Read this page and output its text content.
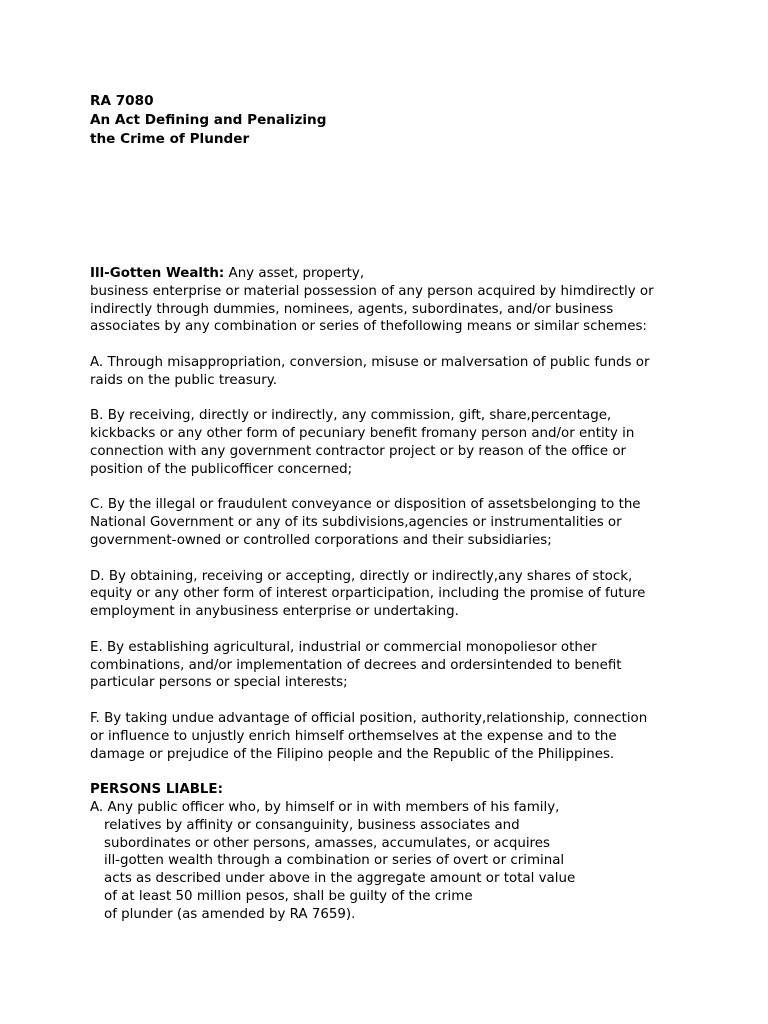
RA 7080
An Act Defining and Penalizing
the Crime of Plunder
Ill-Gotten Wealth: Any asset, property,
business enterprise or material possession of any person acquired by himdirectly or
indirectly through dummies, nominees, agents, subordinates, and/or business
associates by any combination or series of thefollowing means or similar schemes:
A. Through misappropriation, conversion, misuse or malversation of public funds or
raids on the public treasury.
B. By receiving, directly or indirectly, any commission, gift, share,percentage,
kickbacks or any other form of pecuniary benefit fromany person and/or entity in
connection with any government contractor project or by reason of the office or
position of the publicofficer concerned;
C. By the illegal or fraudulent conveyance or disposition of assetsbelonging to the
National Government or any of its subdivisions,agencies or instrumentalities or
government-owned or controlled corporations and their subsidiaries;
D. By obtaining, receiving or accepting, directly or indirectly,any shares of stock,
equity or any other form of interest orparticipation, including the promise of future
employment in anybusiness enterprise or undertaking.
E. By establishing agricultural, industrial or commercial monopoliesor other
combinations, and/or implementation of decrees and ordersintended to benefit
particular persons or special interests;
F. By taking undue advantage of official position, authority,relationship, connection
or influence to unjustly enrich himself orthemselves at the expense and to the
damage or prejudice of the Filipino people and the Republic of the Philippines.
PERSONS LIABLE:
A. Any public officer who, by himself or in with members of his family,
relatives by affinity or consanguinity, business associates and
subordinates or other persons, amasses, accumulates, or acquires
ill-gotten wealth through a combination or series of overt or criminal
acts as described under above in the aggregate amount or total value
of at least 50 million pesos, shall be guilty of the crime
of plunder (as amended by RA 7659).
